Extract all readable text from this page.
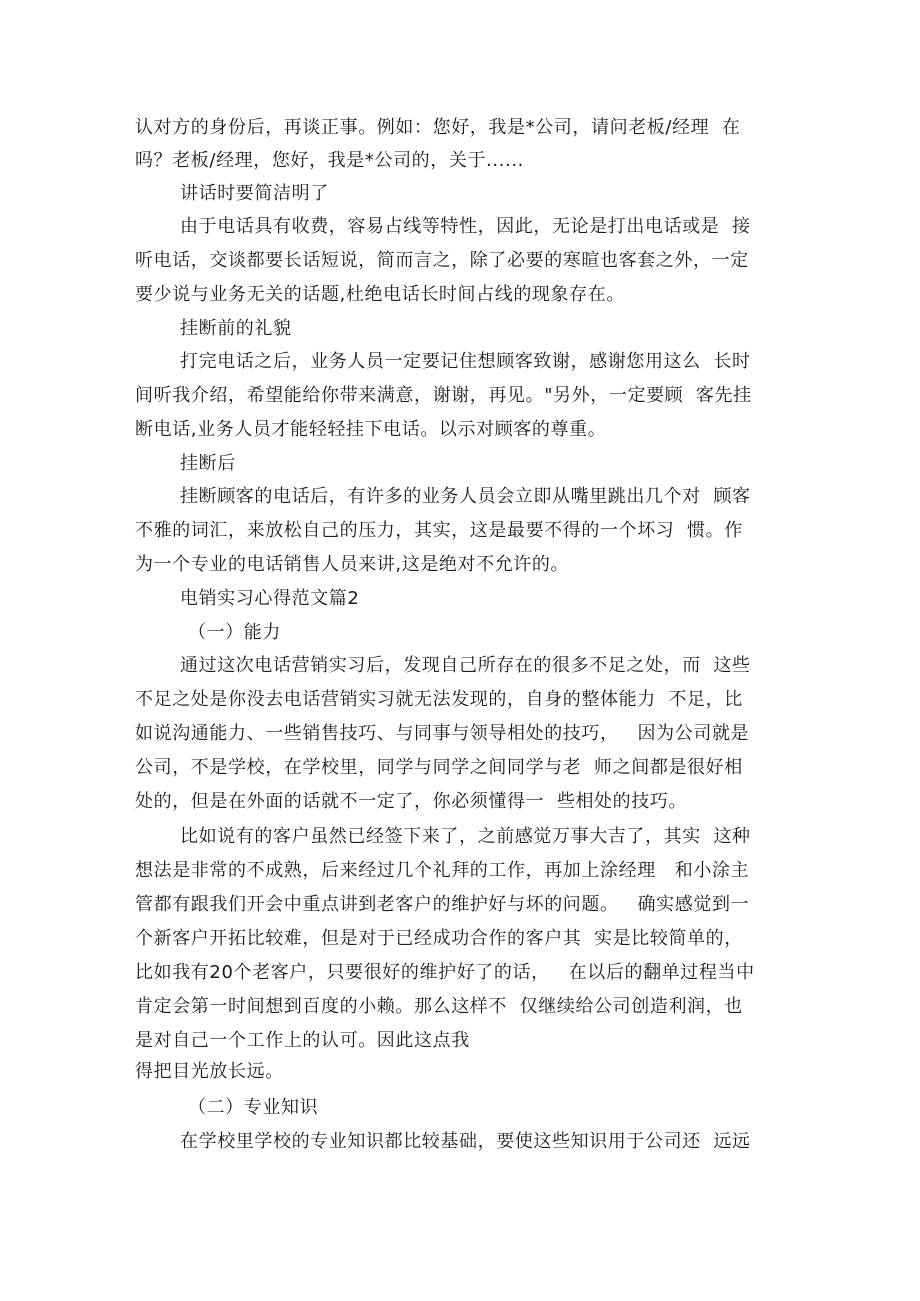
认对方的身份后，再谈正事。例如：您好，我是*公司，请问老板/经理  在
吗？老板/经理，您好，我是*公司的，关于......
讲话时要简洁明了
由于电话具有收费，容易占线等特性，因此，无论是打出电话或是  接
听电话，交谈都要长话短说，简而言之，除了必要的寒暄也客套之外，一定
要少说与业务无关的话题,杜绝电话长时间占线的现象存在。
挂断前的礼貌
打完电话之后，业务人员一定要记住想顾客致谢，感谢您用这么  长时
间听我介绍，希望能给你带来满意，谢谢，再见。"另外，一定要顾  客先挂
断电话,业务人员才能轻轻挂下电话。以示对顾客的尊重。
挂断后
挂断顾客的电话后，有许多的业务人员会立即从嘴里跳出几个对  顾客
不雅的词汇，来放松自己的压力，其实，这是最要不得的一个坏习  惯。作
为一个专业的电话销售人员来讲,这是绝对不允许的。
电销实习心得范文篇2
（一）能力
通过这次电话营销实习后，发现自己所存在的很多不足之处，而  这些
不足之处是你没去电话营销实习就无法发现的，自身的整体能力  不足，比
如说沟通能力、一些销售技巧、与同事与领导相处的技巧，   因为公司就是
公司，不是学校，在学校里，同学与同学之间同学与老  师之间都是很好相
处的，但是在外面的话就不一定了，你必须懂得一  些相处的技巧。
比如说有的客户虽然已经签下来了，之前感觉万事大吉了，其实  这种
想法是非常的不成熟，后来经过几个礼拜的工作，再加上涂经理   和小涂主
管都有跟我们开会中重点讲到老客户的维护好与坏的问题。   确实感觉到一
个新客户开拓比较难，但是对于已经成功合作的客户其  实是比较简单的，
比如我有20个老客户，只要很好的维护好了的话，   在以后的翻单过程当中
肯定会第一时间想到百度的小赖。那么这样不  仅继续给公司创造利润，也
是对自己一个工作上的认可。因此这点我
得把目光放长远。
（二）专业知识
在学校里学校的专业知识都比较基础，要使这些知识用于公司还  远远
